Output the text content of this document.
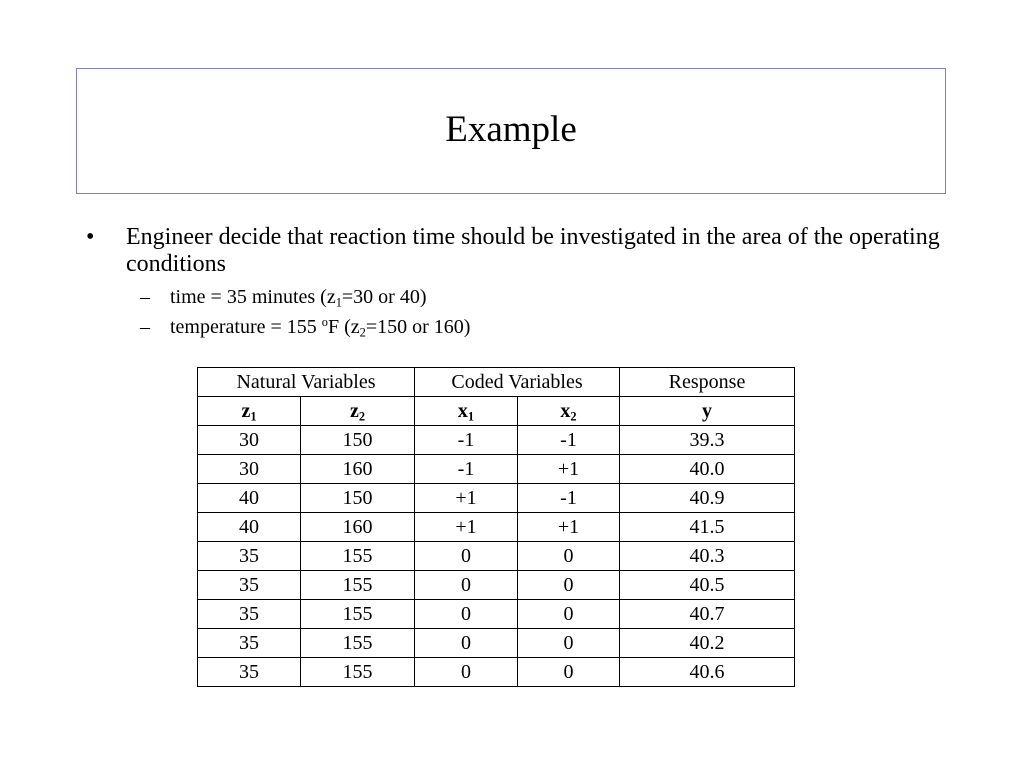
Example
•	Engineer decide that reaction time should be investigated in the area of the operating conditions
–	time = 35 minutes ($z_1=30$ or 40)
–	temperature = 155 $^o$F ($z_2=150$ or 160)
Natural Variables		Coded Variables		Response
$z_1$	$z_2$	$x_1$	$x_2$	y
30	150	-1	-1	39.3
30	160	-1	+1	40.0
40	150	+1	-1	40.9
40	160	+1	+1	41.5
35	155	0	0	40.3
35	155	0	0	40.5
35	155	0	0	40.7
35	155	0	0	40.2
35	155	0	0	40.6
